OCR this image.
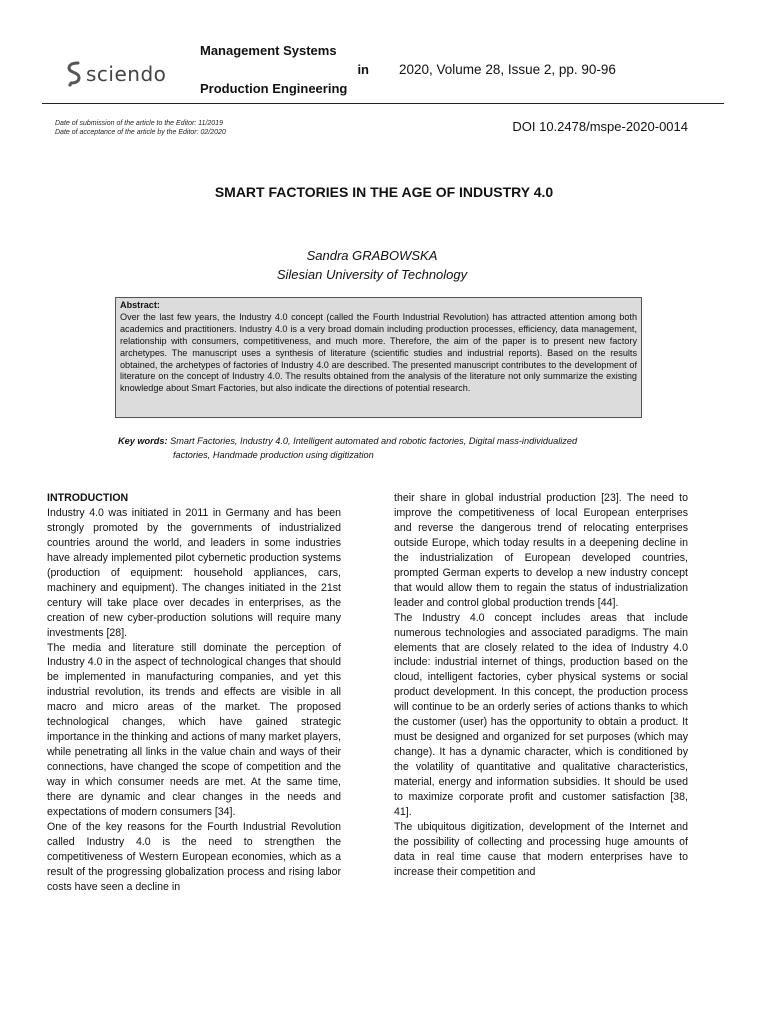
sciendo
Management Systems
in
Production Engineering
2020, Volume 28, Issue 2, pp. 90-96
Date of submission of the article to the Editor: 11/2019
Date of acceptance of the article by the Editor: 02/2020	DOI 10.2478/mspe-2020-0014
SMART FACTORIES IN THE AGE OF INDUSTRY 4.0
Sandra GRABOWSKA
Silesian University of Technology
Abstract:
Over the last few years, the Industry 4.0 concept (called the Fourth Industrial Revolution) has attracted attention among both academics and practitioners. Industry 4.0 is a very broad domain including production processes, efficiency, data management, relationship with consumers, competitiveness, and much more. Therefore, the aim of the paper is to present new factory archetypes. The manuscript uses a synthesis of literature (scientific studies and industrial reports). Based on the results obtained, the archetypes of factories of Industry 4.0 are described. The presented manuscript contributes to the development of literature on the concept of Industry 4.0. The results obtained from the analysis of the literature not only summarize the existing knowledge about Smart Factories, but also indicate the directions of potential research.
Key words: Smart Factories, Industry 4.0, Intelligent automated and robotic factories, Digital mass-individualized
factories, Handmade production using digitization

INTRODUCTION

Industry 4.0 was initiated in 2011 in Germany and has been strongly promoted by the governments of industrialized countries around the world, and leaders in some industries have already implemented pilot cybernetic production systems (production of equipment: household appliances, cars, machinery and equipment). The changes initiated in the 21st century will take place over decades in enterprises, as the creation of new cyber-production solutions will require many investments [28].

The media and literature still dominate the perception of Industry 4.0 in the aspect of technological changes that should be implemented in manufacturing companies, and yet this industrial revolution, its trends and effects are visible in all macro and micro areas of the market. The proposed technological changes, which have gained strategic importance in the thinking and actions of many market players, while penetrating all links in the value chain and ways of their connections, have changed the scope of competition and the way in which consumer needs are met. At the same time, there are dynamic and clear changes in the needs and expectations of modern consumers [34].

One of the key reasons for the Fourth Industrial Revolution called Industry 4.0 is the need to strengthen the competitiveness of Western European economies, which as a result of the progressing globalization process and rising labor costs have seen a decline in

their share in global industrial production [23]. The need to improve the competitiveness of local European enterprises and reverse the dangerous trend of relocating enterprises outside Europe, which today results in a deepening decline in the industrialization of European developed countries, prompted German experts to develop a new industry concept that would allow them to regain the status of industrialization leader and control global production trends [44].

The Industry 4.0 concept includes areas that include numerous technologies and associated paradigms. The main elements that are closely related to the idea of Industry 4.0 include: industrial internet of things, production based on the cloud, intelligent factories, cyber physical systems or social product development. In this concept, the production process will continue to be an orderly series of actions thanks to which the customer (user) has the opportunity to obtain a product. It must be designed and organized for set purposes (which may change). It has a dynamic character, which is conditioned by the volatility of quantitative and qualitative characteristics, material, energy and information subsidies. It should be used to maximize corporate profit and customer satisfaction [38, 41].

The ubiquitous digitization, development of the Internet and the possibility of collecting and processing huge amounts of data in real time cause that modern enterprises have to increase their competition and
